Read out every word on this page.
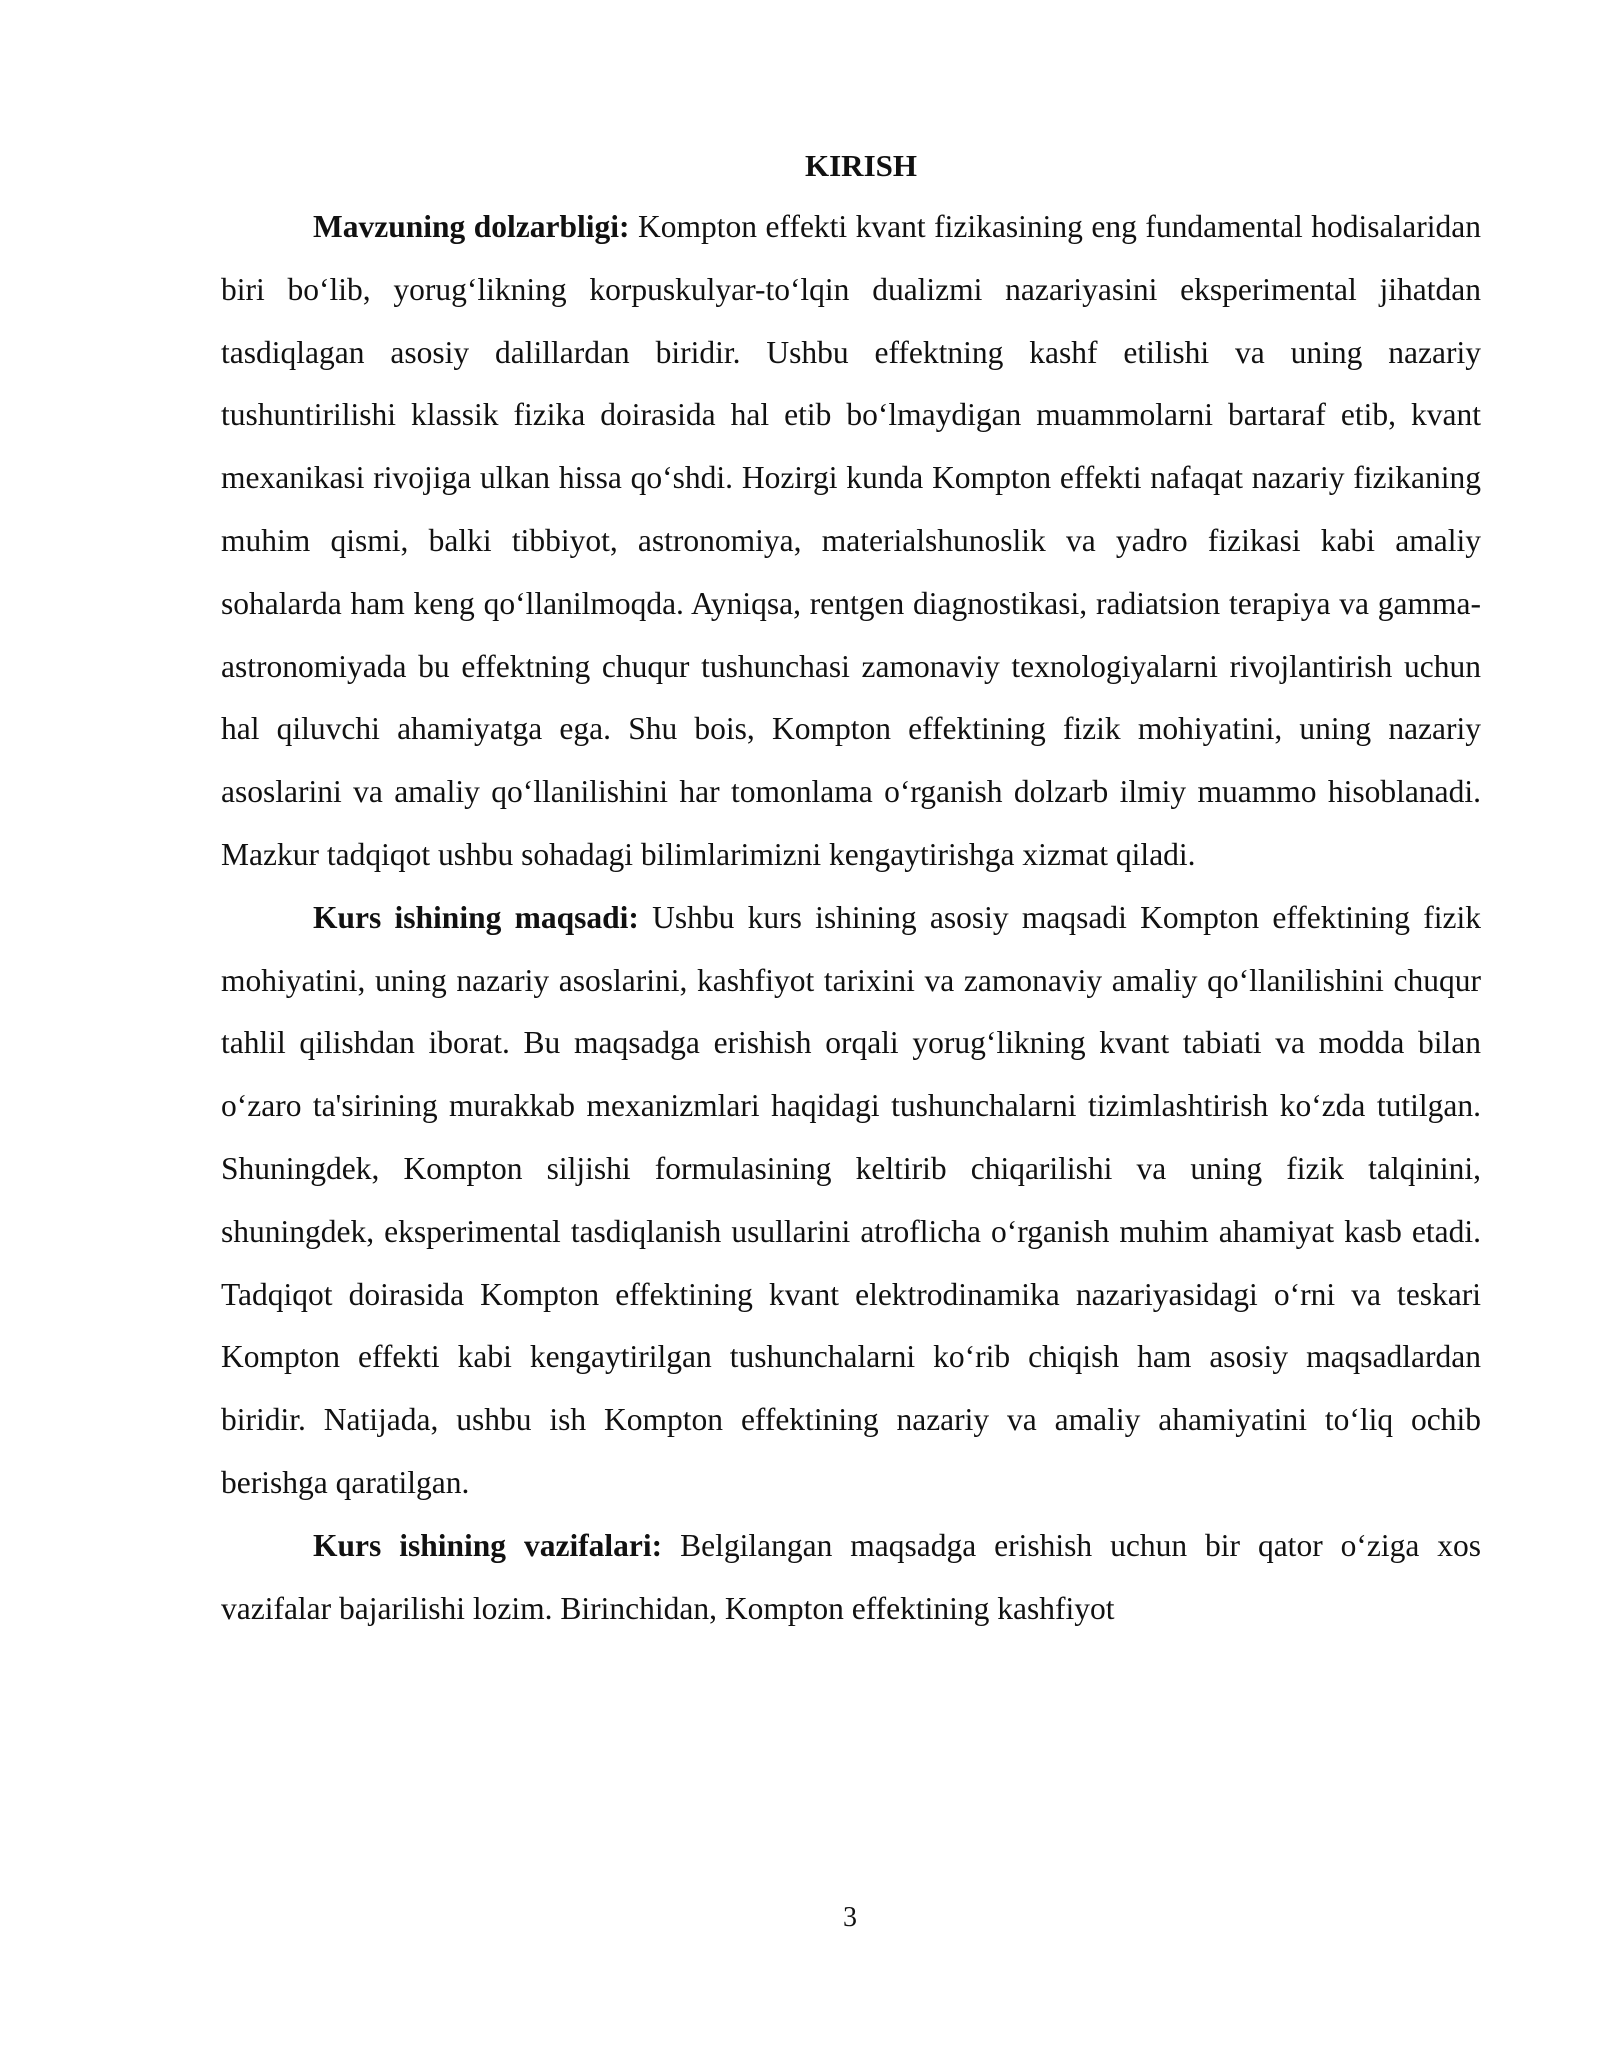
KIRISH

Mavzuning dolzarbligi: Kompton effekti kvant fizikasining eng fundamental hodisalaridan biri bo‘lib, yorug‘likning korpuskulyar-to‘lqin dualizmi nazariyasini eksperimental jihatdan tasdiqlagan asosiy dalillardan biridir. Ushbu effektning kashf etilishi va uning nazariy tushuntirilishi klassik fizika doirasida hal etib bo‘lmaydigan muammolarni bartaraf etib, kvant mexanikasi rivojiga ulkan hissa qo‘shdi. Hozirgi kunda Kompton effekti nafaqat nazariy fizikaning muhim qismi, balki tibbiyot, astronomiya, materialshunoslik va yadro fizikasi kabi amaliy sohalarda ham keng qo‘llanilmoqda. Ayniqsa, rentgen diagnostikasi, radiatsion terapiya va gamma-astronomiyada bu effektning chuqur tushunchasi zamonaviy texnologiyalarni rivojlantirish uchun hal qiluvchi ahamiyatga ega. Shu bois, Kompton effektining fizik mohiyatini, uning nazariy asoslarini va amaliy qo‘llanilishini har tomonlama o‘rganish dolzarb ilmiy muammo hisoblanadi. Mazkur tadqiqot ushbu sohadagi bilimlarimizni kengaytirishga xizmat qiladi.

Kurs ishining maqsadi: Ushbu kurs ishining asosiy maqsadi Kompton effektining fizik mohiyatini, uning nazariy asoslarini, kashfiyot tarixini va zamonaviy amaliy qo‘llanilishini chuqur tahlil qilishdan iborat. Bu maqsadga erishish orqali yorug‘likning kvant tabiati va modda bilan o‘zaro ta'sirining murakkab mexanizmlari haqidagi tushunchalarni tizimlashtirish ko‘zda tutilgan. Shuningdek, Kompton siljishi formulasining keltirib chiqarilishi va uning fizik talqinini, shuningdek, eksperimental tasdiqlanish usullarini atroflicha o‘rganish muhim ahamiyat kasb etadi. Tadqiqot doirasida Kompton effektining kvant elektrodinamika nazariyasidagi o‘rni va teskari Kompton effekti kabi kengaytirilgan tushunchalarni ko‘rib chiqish ham asosiy maqsadlardan biridir. Natijada, ushbu ish Kompton effektining nazariy va amaliy ahamiyatini to‘liq ochib berishga qaratilgan.

Kurs ishining vazifalari: Belgilangan maqsadga erishish uchun bir qator o‘ziga xos vazifalar bajarilishi lozim. Birinchidan, Kompton effektining kashfiyot

3
